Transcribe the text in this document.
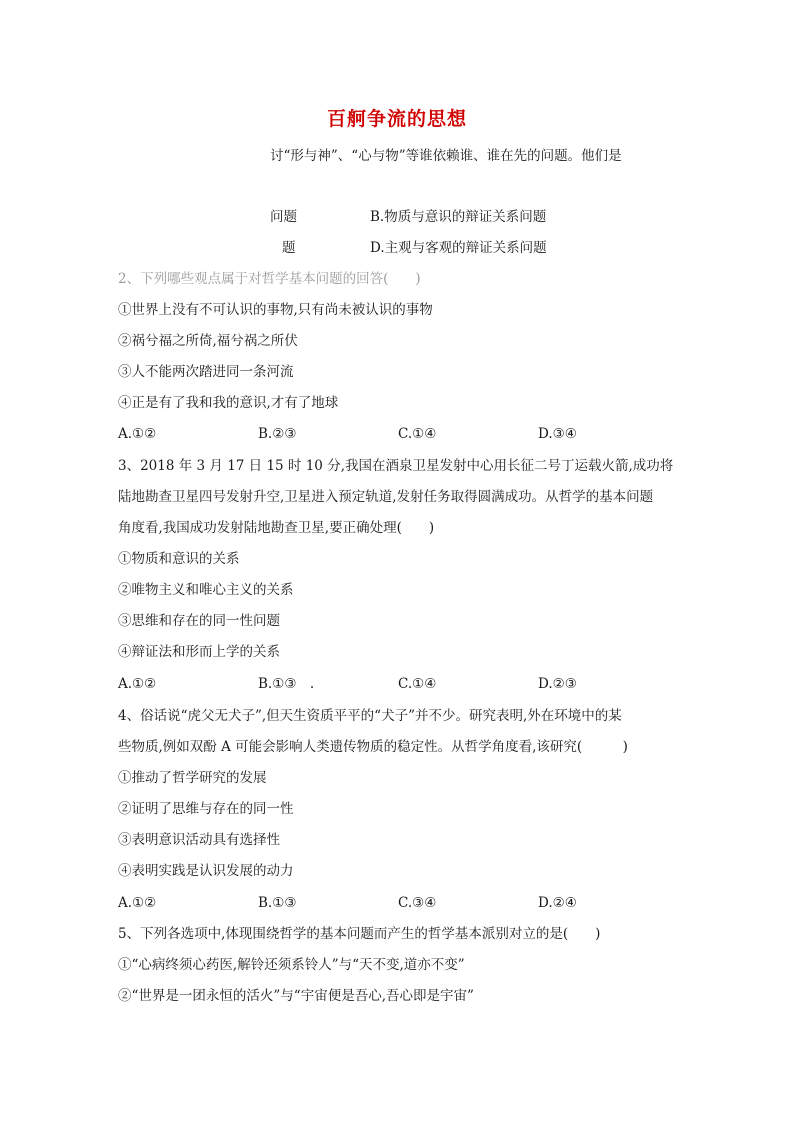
百舸争流的思想
讨“形与神”、“心与物”等谁依赖谁、谁在先的问题。他们是
问题	B.物质与意识的辩证关系问题
题	D.主观与客观的辩证关系问题
2、下列哪些观点属于对哲学基本问题的回答(　　)
①世界上没有不可认识的事物,只有尚未被认识的事物
②祸兮福之所倚,福兮祸之所伏
③人不能两次踏进同一条河流
④正是有了我和我的意识,才有了地球
A.①②	B.②③	C.①④	D.③④
3、2018 年 3 月 17 日 15 时 10 分,我国在酒泉卫星发射中心用长征二号丁运载火箭,成功将
陆地勘查卫星四号发射升空,卫星进入预定轨道,发射任务取得圆满成功。从哲学的基本问题
角度看,我国成功发射陆地勘查卫星,要正确处理(　　)
①物质和意识的关系
②唯物主义和唯心主义的关系
③思维和存在的同一性问题
④辩证法和形而上学的关系
A.①②	B.①③　.	C.①④	D.②③
4、俗话说“虎父无犬子”,但天生资质平平的“犬子”并不少。研究表明,外在环境中的某
些物质,例如双酚 A 可能会影响人类遗传物质的稳定性。从哲学角度看,该研究(　　　)
①推动了哲学研究的发展
②证明了思维与存在的同一性
③表明意识活动具有选择性
④表明实践是认识发展的动力
A.①②	B.①③	C.③④	D.②④
5、下列各选项中,体现围绕哲学的基本问题而产生的哲学基本派别对立的是(　　)
①“心病终须心药医,解铃还须系铃人”与“天不变,道亦不变”
②“世界是一团永恒的活火”与“宇宙便是吾心,吾心即是宇宙”
